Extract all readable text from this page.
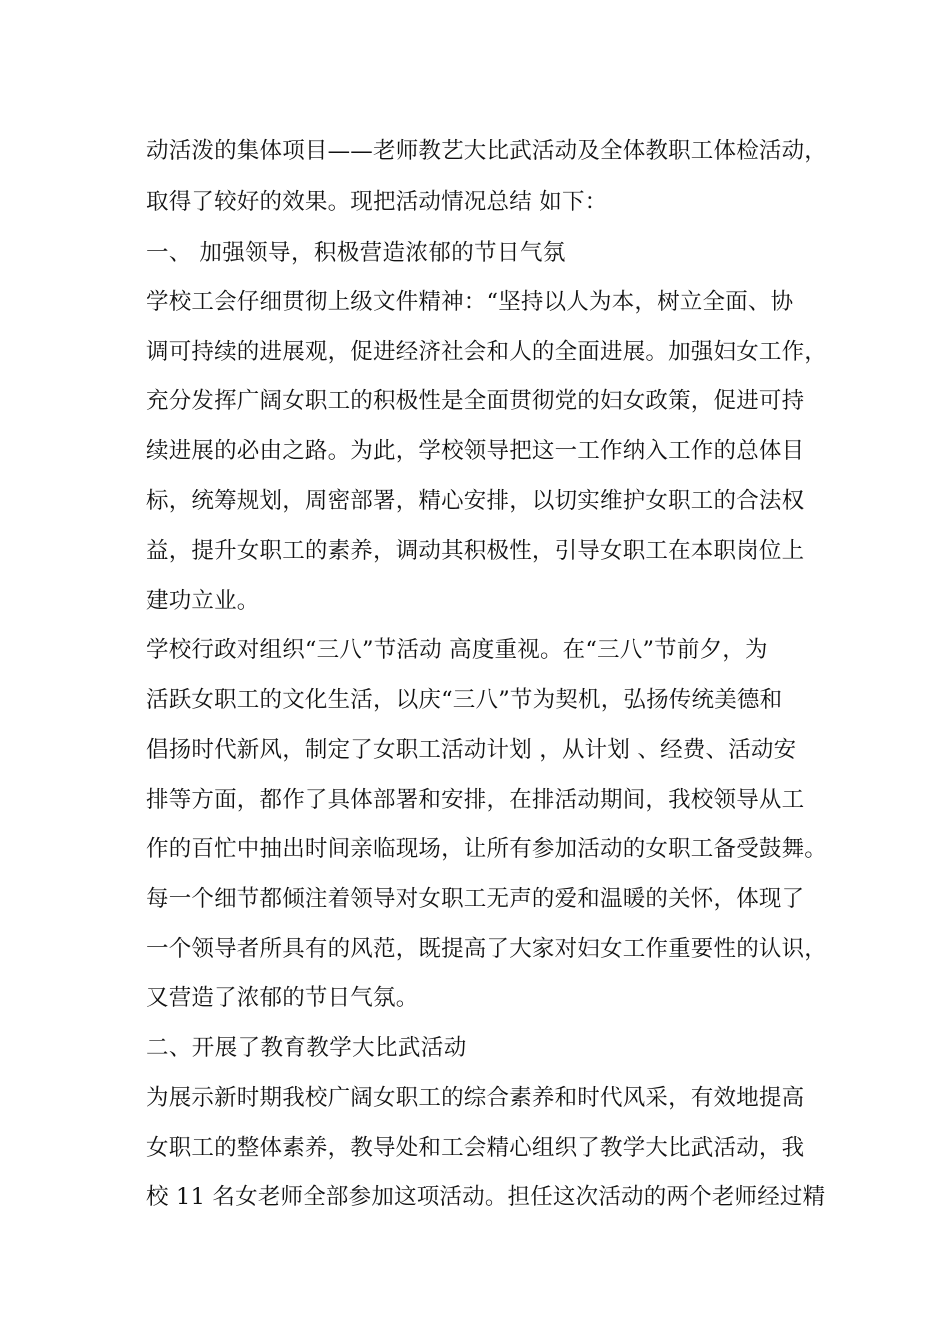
动活泼的集体项目——老师教艺大比武活动及全体教职工体检活动，
取得了较好的效果。现把活动情况总结 如下：
一、 加强领导，积极营造浓郁的节日气氛
学校工会仔细贯彻上级文件精神：“坚持以人为本，树立全面、协
调可持续的进展观，促进经济社会和人的全面进展。加强妇女工作，
充分发挥广阔女职工的积极性是全面贯彻党的妇女政策，促进可持
续进展的必由之路。为此，学校领导把这一工作纳入工作的总体目
标，统筹规划，周密部署，精心安排，以切实维护女职工的合法权
益，提升女职工的素养，调动其积极性，引导女职工在本职岗位上
建功立业。
学校行政对组织“三八”节活动 高度重视。在“三八”节前夕，为
活跃女职工的文化生活，以庆“三八”节为契机，弘扬传统美德和
倡扬时代新风，制定了女职工活动计划 ，从计划 、经费、活动安
排等方面，都作了具体部署和安排，在排活动期间，我校领导从工
作的百忙中抽出时间亲临现场，让所有参加活动的女职工备受鼓舞。
每一个细节都倾注着领导对女职工无声的爱和温暖的关怀，体现了
一个领导者所具有的风范，既提高了大家对妇女工作重要性的认识，
又营造了浓郁的节日气氛。
二、开展了教育教学大比武活动
为展示新时期我校广阔女职工的综合素养和时代风采，有效地提高
女职工的整体素养，教导处和工会精心组织了教学大比武活动，我
校 11 名女老师全部参加这项活动。担任这次活动的两个老师经过精
